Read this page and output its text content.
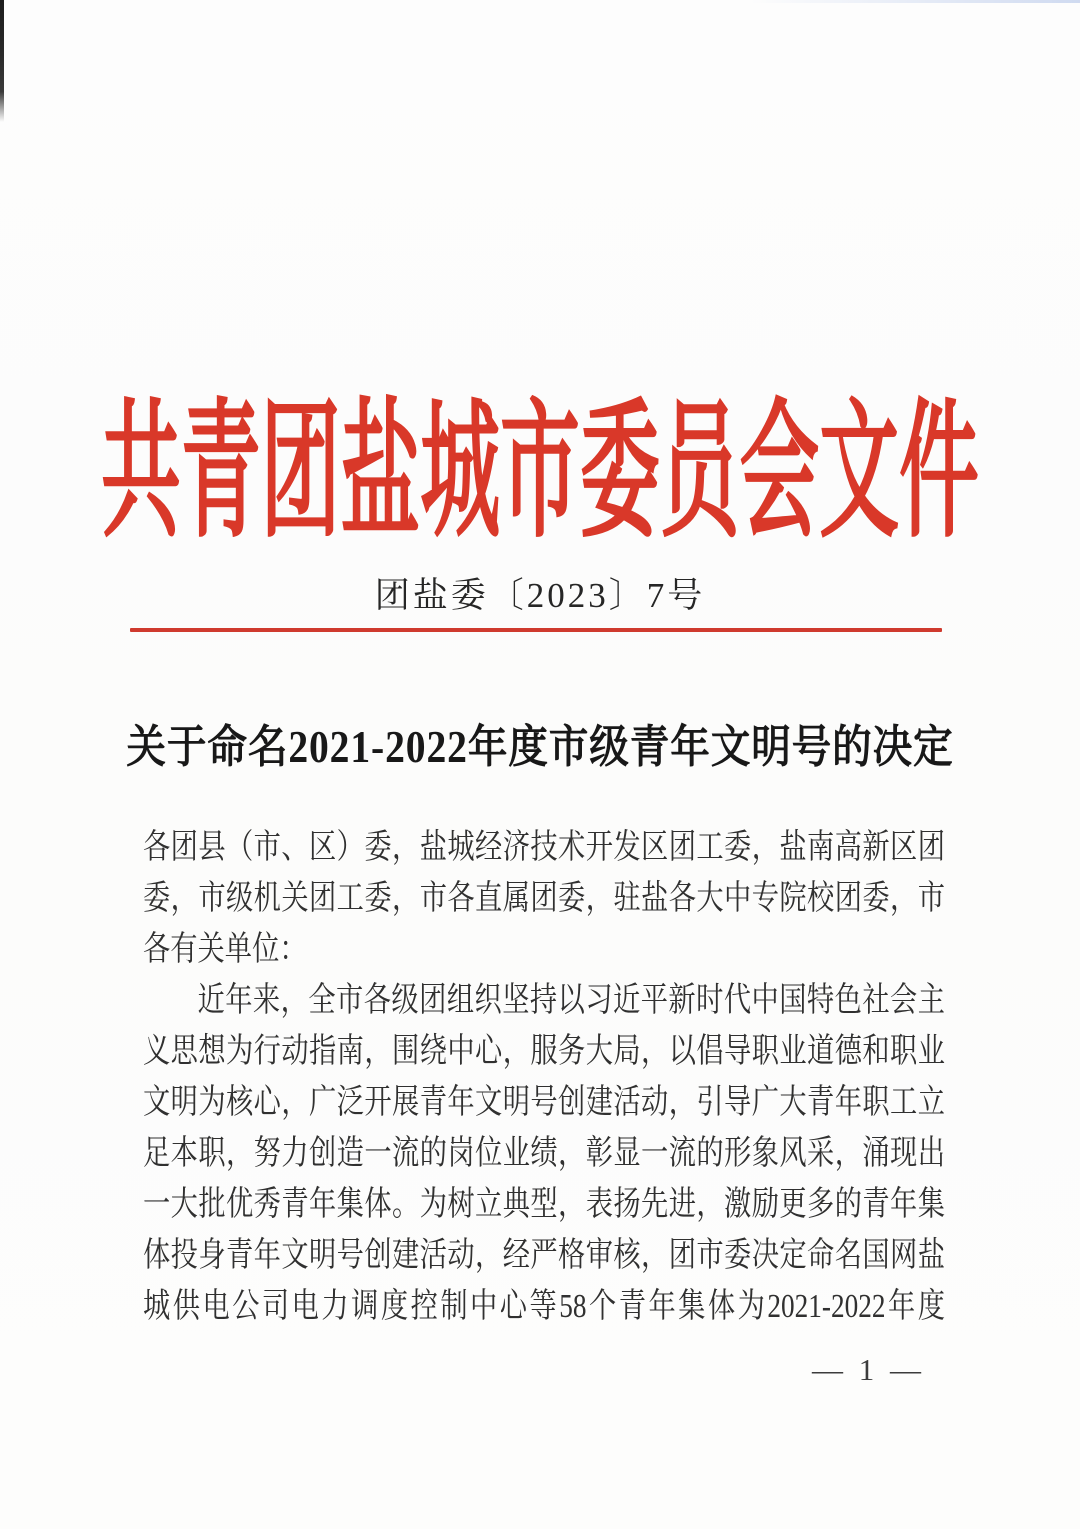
共青团盐城市委员会文件
团盐委〔2023〕7号
关于命名2021-2022年度市级青年文明号的决定

各团县（市、区）委，盐城经济技术开发区团工委，盐南高新区团

委，市级机关团工委，市各直属团委，驻盐各大中专院校团委，市

各有关单位：

近年来，全市各级团组织坚持以习近平新时代中国特色社会主

义思想为行动指南，围绕中心，服务大局，以倡导职业道德和职业

文明为核心，广泛开展青年文明号创建活动，引导广大青年职工立

足本职，努力创造一流的岗位业绩，彰显一流的形象风采，涌现出

一大批优秀青年集体。为树立典型，表扬先进，激励更多的青年集

体投身青年文明号创建活动，经严格审核，团市委决定命名国网盐

城供电公司电力调度控制中心等58个青年集体为2021-2022年度

— 1 —
